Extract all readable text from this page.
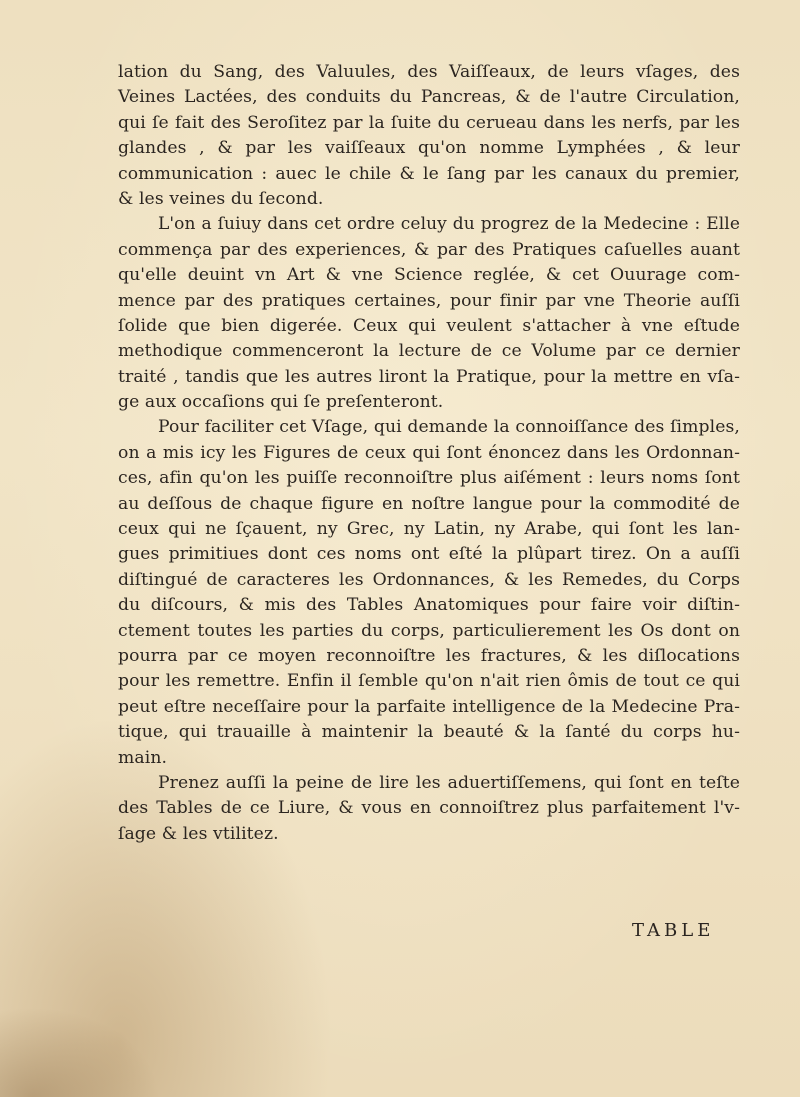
lation du Sang, des Valuules, des Vaiſſeaux, de leurs vſages, des
Veines Lactées, des conduits du Pancreas, & de l'autre Circulation,
qui ſe fait des Seroſitez par la ſuite du cerueau dans les nerfs, par les
glandes , & par les vaiſſeaux qu'on nomme Lymphées , & leur
communication : auec le chile & le ſang par les canaux du premier,
& les veines du ſecond.
L'on a ſuiuy dans cet ordre celuy du progrez de la Medecine : Elle
commença par des experiences, & par des Pratiques caſuelles auant
qu'elle deuint vn Art & vne Science reglée, & cet Ouurage com-
mence par des pratiques certaines, pour finir par vne Theorie auſſi
ſolide que bien digerée. Ceux qui veulent s'attacher à vne eſtude
methodique commenceront la lecture de ce Volume par ce dernier
traité , tandis que les autres liront la Pratique, pour la mettre en vſa-
ge aux occaſions qui ſe preſenteront.
Pour faciliter cet Vſage, qui demande la connoiſſance des ſimples,
on a mis icy les Figures de ceux qui ſont énoncez dans les Ordonnan-
ces, afin qu'on les puiſſe reconnoiſtre plus aiſément : leurs noms ſont
au deſſous de chaque figure en noſtre langue pour la commodité de
ceux qui ne ſçauent, ny Grec, ny Latin, ny Arabe, qui ſont les lan-
gues primitiues dont ces noms ont eſté la plûpart tirez. On a auſſi
diſtingué de caracteres les Ordonnances, & les Remedes, du Corps
du diſcours, & mis des Tables Anatomiques pour faire voir diſtin-
ctement toutes les parties du corps, particulierement les Os dont on
pourra par ce moyen reconnoiſtre les fractures, & les diſlocations
pour les remettre. Enfin il ſemble qu'on n'ait rien ômis de tout ce qui
peut eſtre neceſſaire pour la parfaite intelligence de la Medecine Pra-
tique, qui trauaille à maintenir la beauté & la ſanté du corps hu-
main.
Prenez auſſi la peine de lire les aduertiſſemens, qui ſont en teſte
des Tables de ce Liure, & vous en connoiſtrez plus parfaitement l'v-
ſage & les vtilitez.
TABLE
